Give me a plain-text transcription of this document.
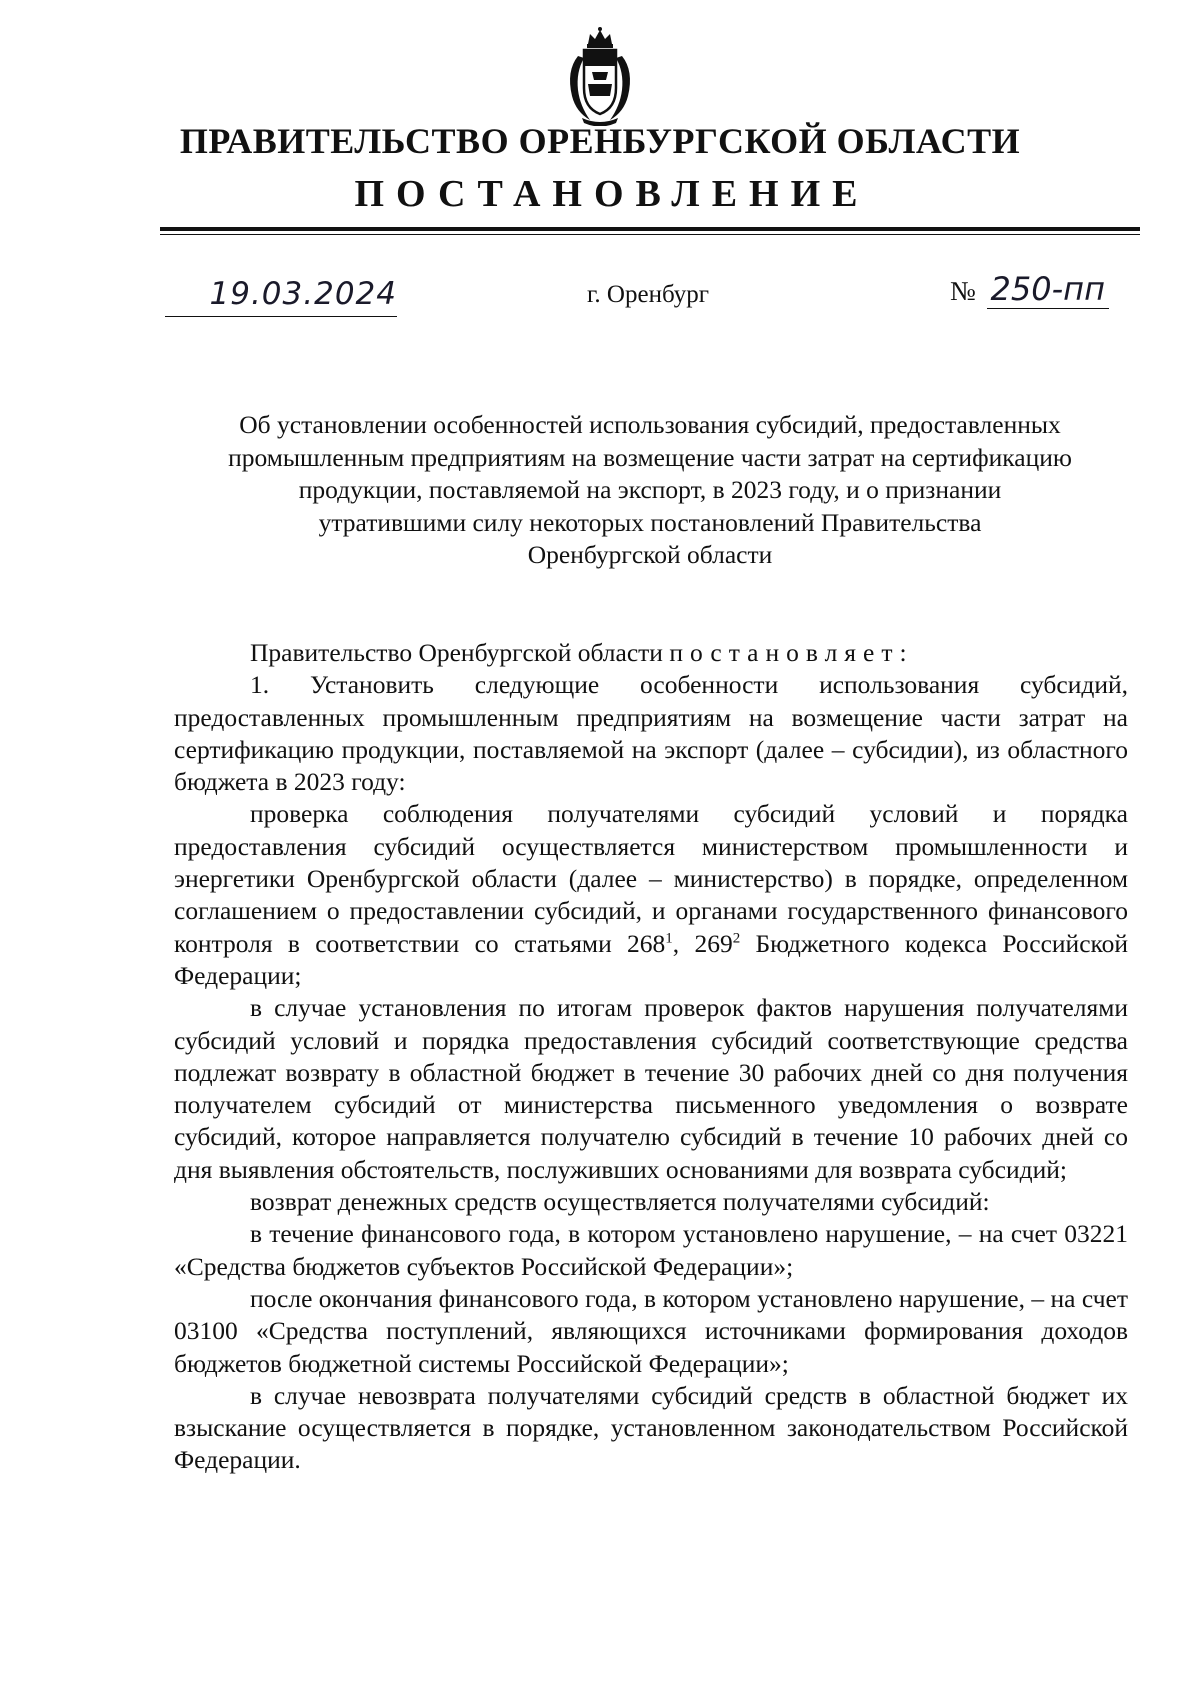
ПРАВИТЕЛЬСТВО ОРЕНБУРГСКОЙ ОБЛАСТИ
ПОСТАНОВЛЕНИЕ
19.03.2024	г. Оренбург	№ 250-пп
Об установлении особенностей использования субсидий, предоставленных
промышленным предприятиям на возмещение части затрат на сертификацию
продукции, поставляемой на экспорт, в 2023 году, и о признании
утратившими силу некоторых постановлений Правительства
Оренбургской области

Правительство Оренбургской области постановляет:

1. Установить следующие особенности использования субсидий, предоставленных промышленным предприятиям на возмещение части затрат на сертификацию продукции, поставляемой на экспорт (далее – субсидии), из областного бюджета в 2023 году:

проверка соблюдения получателями субсидий условий и порядка предоставления субсидий осуществляется министерством промышленности и энергетики Оренбургской области (далее – министерство) в порядке, определенном соглашением о предоставлении субсидий, и органами государственного финансового контроля в соответствии со статьями $268^1$, $269^2$ Бюджетного кодекса Российской Федерации;

в случае установления по итогам проверок фактов нарушения получателями субсидий условий и порядка предоставления субсидий соответствующие средства подлежат возврату в областной бюджет в течение 30 рабочих дней со дня получения получателем субсидий от министерства письменного уведомления о возврате субсидий, которое направляется получателю субсидий в течение 10 рабочих дней со дня выявления обстоятельств, послуживших основаниями для возврата субсидий;

возврат денежных средств осуществляется получателями субсидий:

в течение финансового года, в котором установлено нарушение, – на счет 03221 «Средства бюджетов субъектов Российской Федерации»;

после окончания финансового года, в котором установлено нарушение, – на счет 03100 «Средства поступлений, являющихся источниками формирования доходов бюджетов бюджетной системы Российской Федерации»;

в случае невозврата получателями субсидий средств в областной бюджет их взыскание осуществляется в порядке, установленном законодательством Российской Федерации.
